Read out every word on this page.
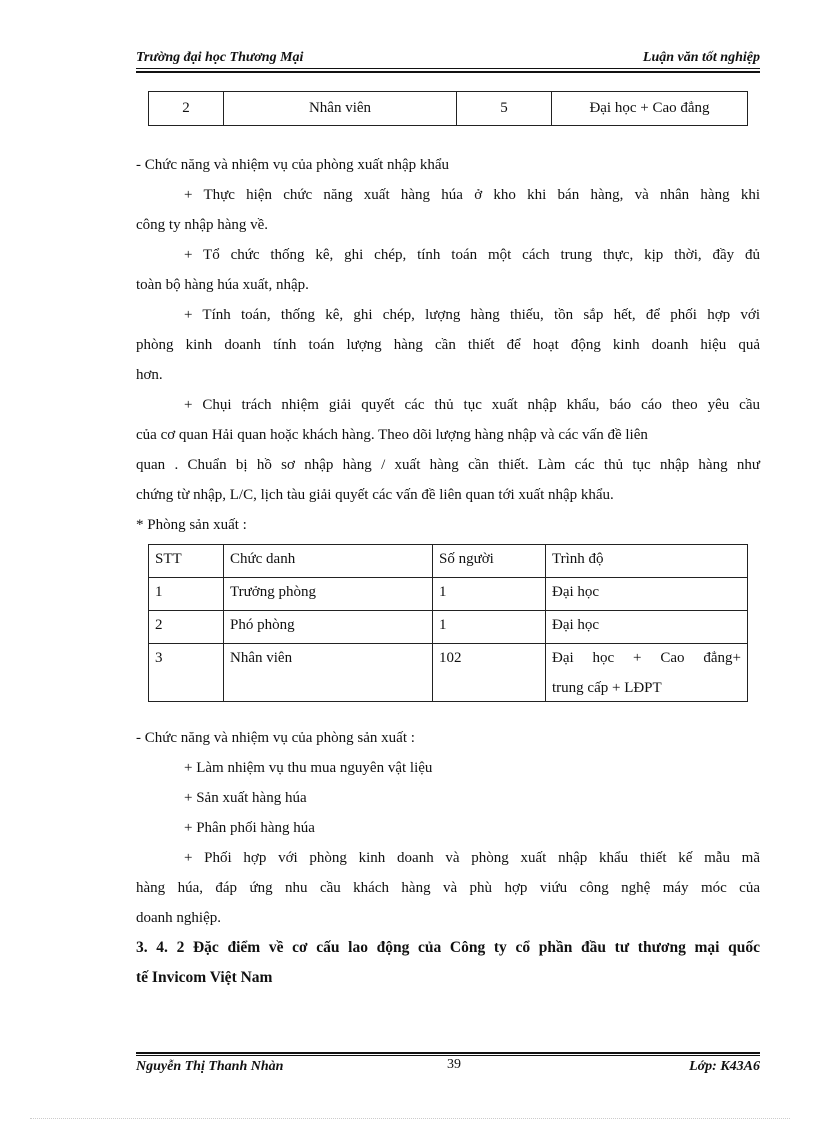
Trường đại học Thương Mại	Luận văn tốt nghiệp
2	Nhân viên	5	Đại học + Cao đẳng
- Chức năng và nhiệm vụ của phòng xuất nhập khẩu
+ Thực hiện chức năng xuất hàng húa ở kho khi bán hàng, và nhân hàng khi
công ty nhập hàng về.
+ Tổ chức thống kê, ghi chép, tính toán một cách trung thực, kịp thời, đầy đủ
toàn bộ hàng húa xuất, nhập.
+ Tính toán, thống kê, ghi chép, lượng hàng thiếu, tồn sắp hết, để phối hợp với
phòng kinh doanh tính toán lượng hàng cần thiết để hoạt động kinh doanh hiệu quả
hơn.
+ Chụi trách nhiệm giải quyết các thủ tục xuất nhập khẩu, báo cáo theo yêu cầu
của cơ quan Hải quan hoặc khách hàng. Theo dõi lượng hàng nhập và các vấn đề liên
quan . Chuẩn bị hồ sơ nhập hàng / xuất hàng cần thiết. Làm các thủ tục nhập hàng như
chứng từ nhập, L/C, lịch tàu giải quyết các vấn đề liên quan tới xuất nhập khẩu.
* Phòng sản xuất :
STT	Chức danh	Số người	Trình độ
1	Trưởng phòng	1	Đại học
2	Phó phòng	1	Đại học
3	Nhân viên	102	Đại học + Cao đẳng+
trung cấp + LĐPT
- Chức năng và nhiệm vụ của phòng sản xuất :
+ Làm nhiệm vụ thu mua nguyên vật liệu
+ Sản xuất hàng húa
+ Phân phối hàng húa
+ Phối hợp với phòng kinh doanh và phòng xuất nhập khẩu thiết kế mẫu mã
hàng húa, đáp ứng nhu cầu khách hàng và phù hợp viứu công nghệ máy móc của
doanh nghiệp.
3. 4. 2 Đặc điểm về cơ cấu lao động của Công ty cổ phần đầu tư thương mại quốc
tế Invicom Việt Nam
Nguyễn Thị Thanh Nhàn	39	Lớp: K43A6
